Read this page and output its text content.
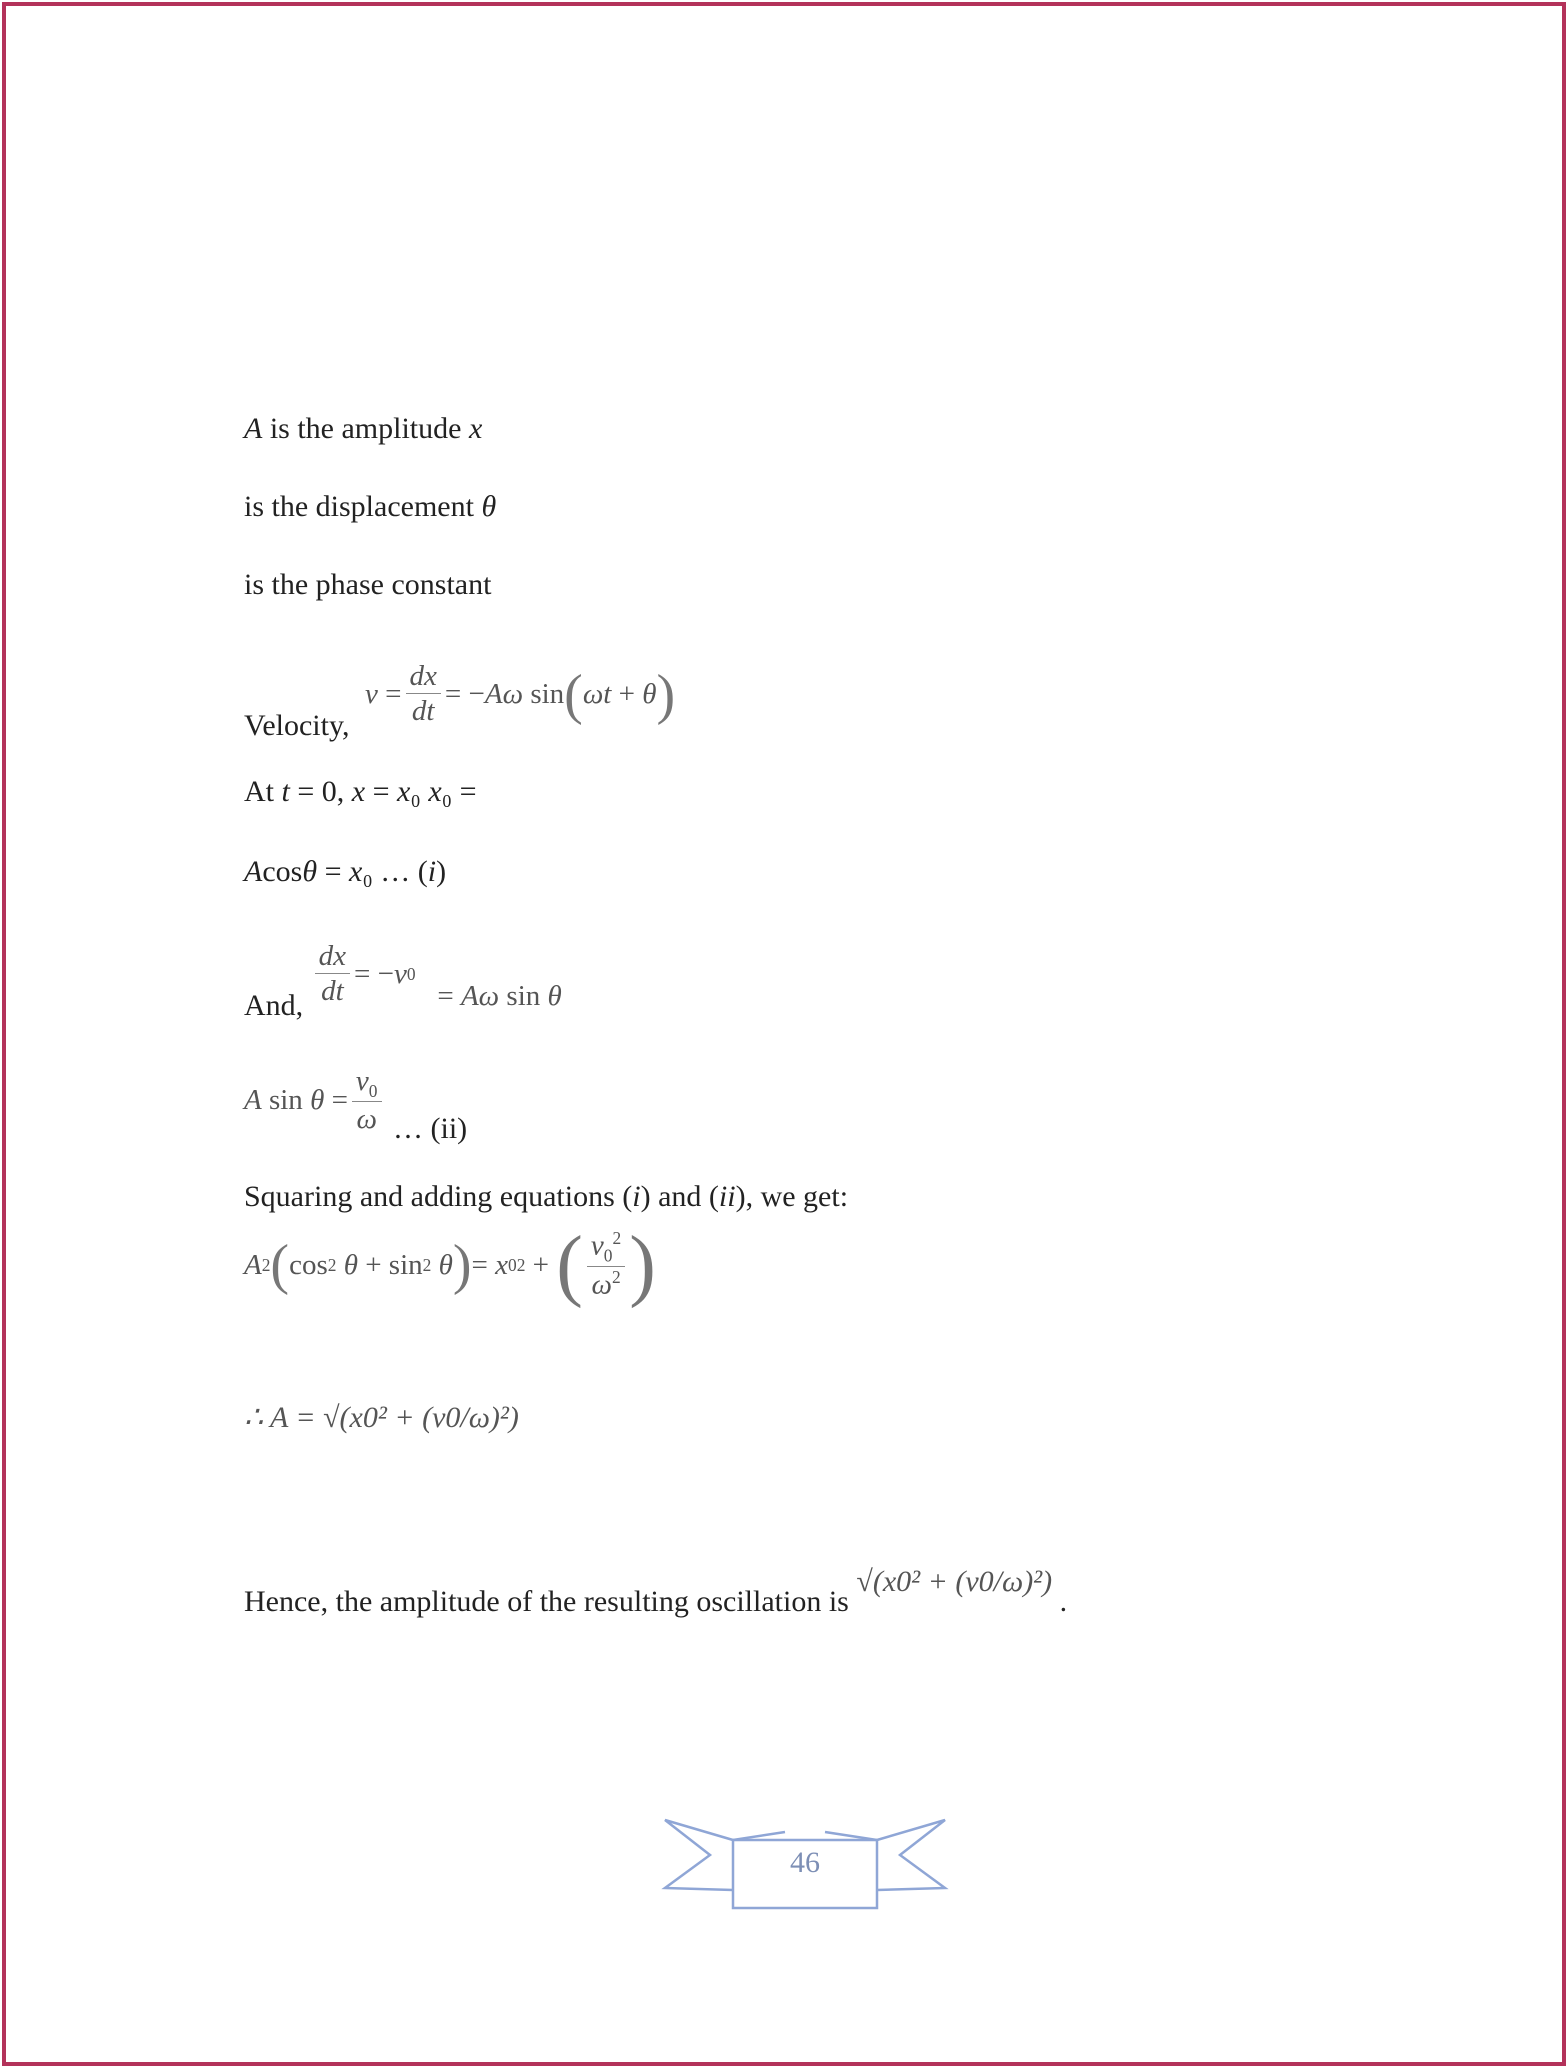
A is the amplitude x
is the displacement θ
is the phase constant
Velocity,
$v = \frac{dx}{dt}$ = − Aω sin ( ωt + θ )
At t = 0, x = x₀ x₀ =
Acosθ = x₀ … (i)
And, $\frac{dx}{dt}$ = − v 0

= Aω sin θ
A $\sin \theta = \frac{v_0}{\omega}$ … (ii)
Squaring and adding equations (i) and (ii), we get:
A 2 ( cos 2
θ + sin 2
θ ) = x 0 2 + ( $\frac{v_0^2}{\omega^2}$ )
∴ A = √(x0² + (v0/ω)²)
Hence, the amplitude of the resulting oscillation is √(x0² + (v0/ω)²) .
46
